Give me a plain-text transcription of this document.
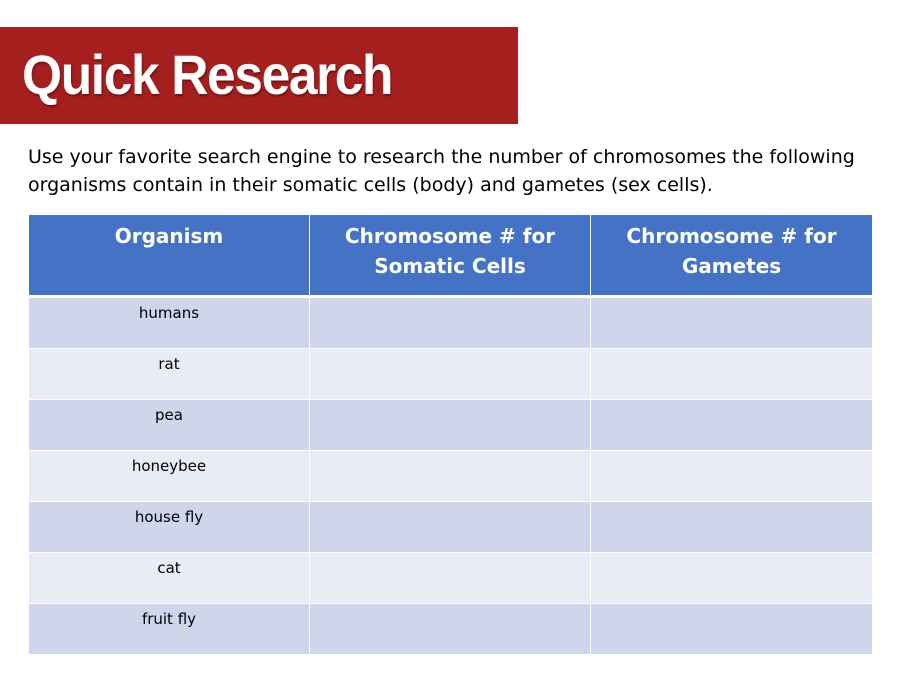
Quick Research
Use your favorite search engine to research the number of chromosomes the following organisms contain in their somatic cells (body) and gametes (sex cells).
Organism	Chromosome # for Somatic Cells	Chromosome # for Gametes
humans		
rat		
pea		
honeybee		
house fly		
cat		
fruit fly		
